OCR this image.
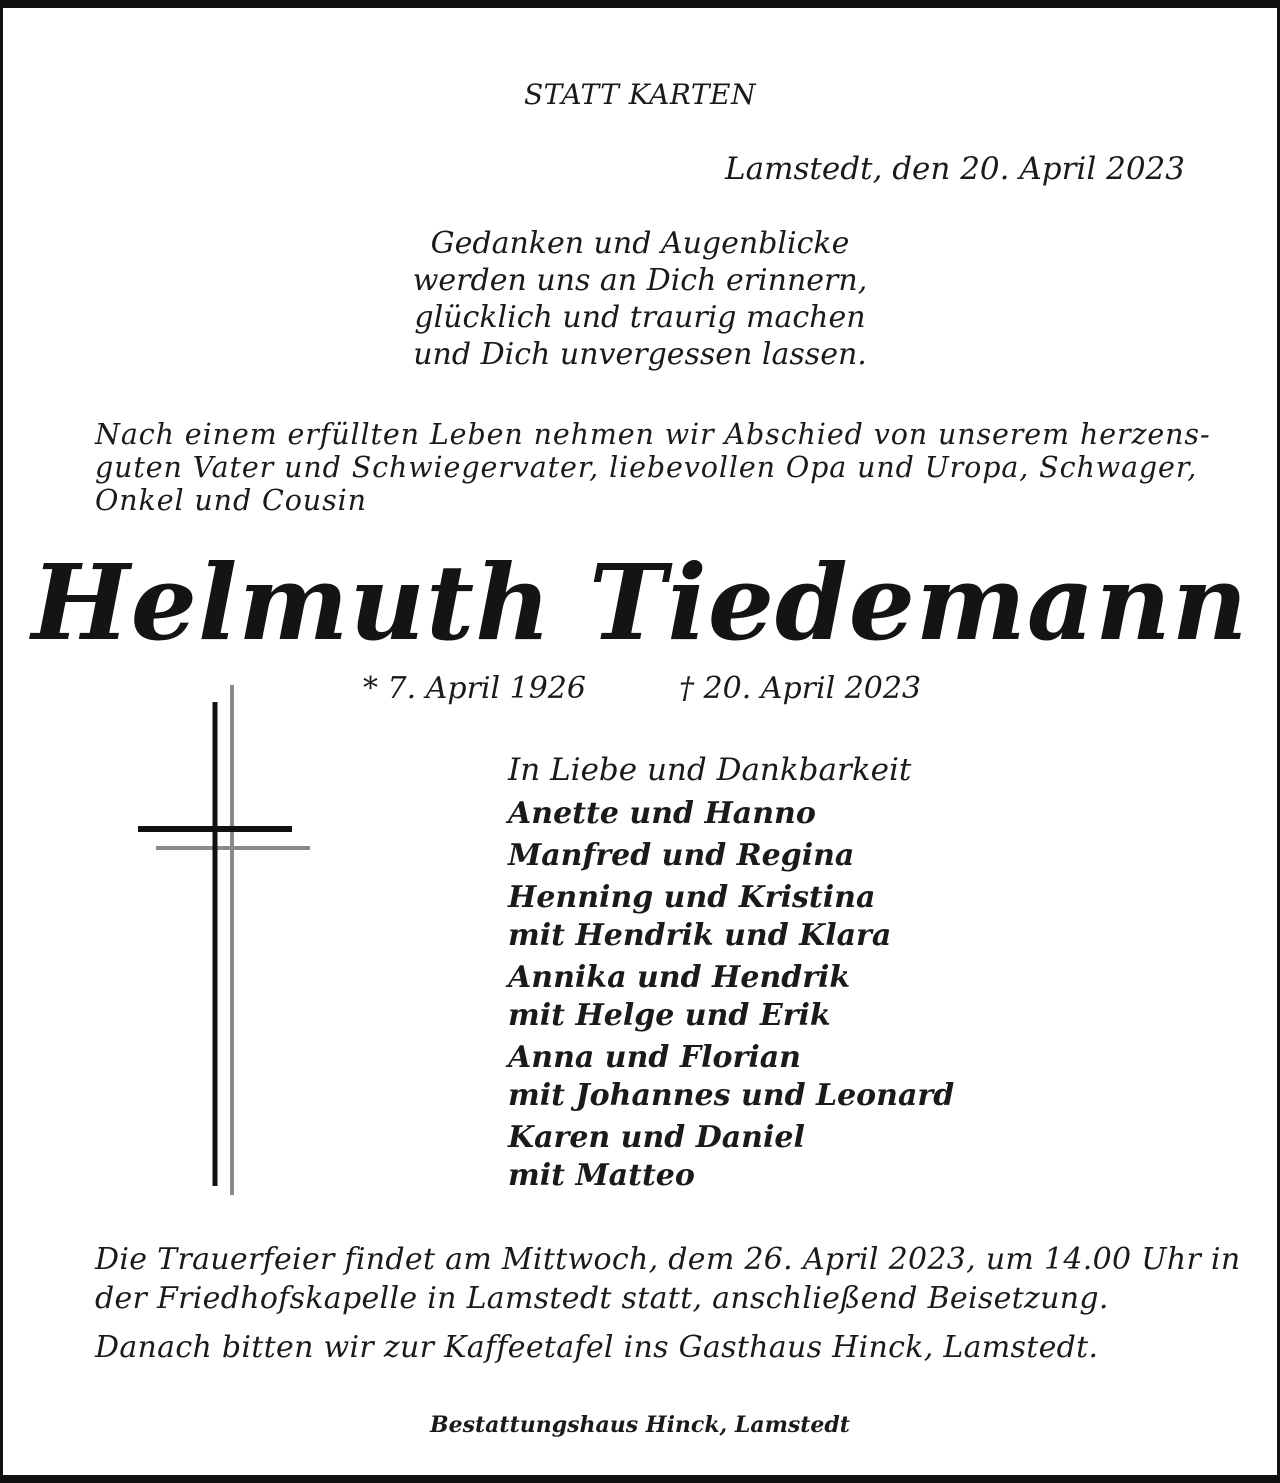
STATT KARTEN
Lamstedt, den 20. April 2023
Gedanken und Augenblicke
werden uns an Dich erinnern,
glücklich und traurig machen
und Dich unvergessen lassen.
Nach einem erfüllten Leben nehmen wir Abschied von unserem herzens-
guten Vater und Schwiegervater, liebevollen Opa und Uropa, Schwager,
Onkel und Cousin
Helmuth Tiedemann
* 7. April 1926	† 20. April 2023
In Liebe und Dankbarkeit
Anette und Hanno
Manfred und Regina
Henning und Kristina
mit Hendrik und Klara
Annika und Hendrik
mit Helge und Erik
Anna und Florian
mit Johannes und Leonard
Karen und Daniel
mit Matteo
Die Trauerfeier findet am Mittwoch, dem 26. April 2023, um 14.00 Uhr in
der Friedhofskapelle in Lamstedt statt, anschließend Beisetzung.
Danach bitten wir zur Kaffeetafel ins Gasthaus Hinck, Lamstedt.
Bestattungshaus Hinck, Lamstedt
